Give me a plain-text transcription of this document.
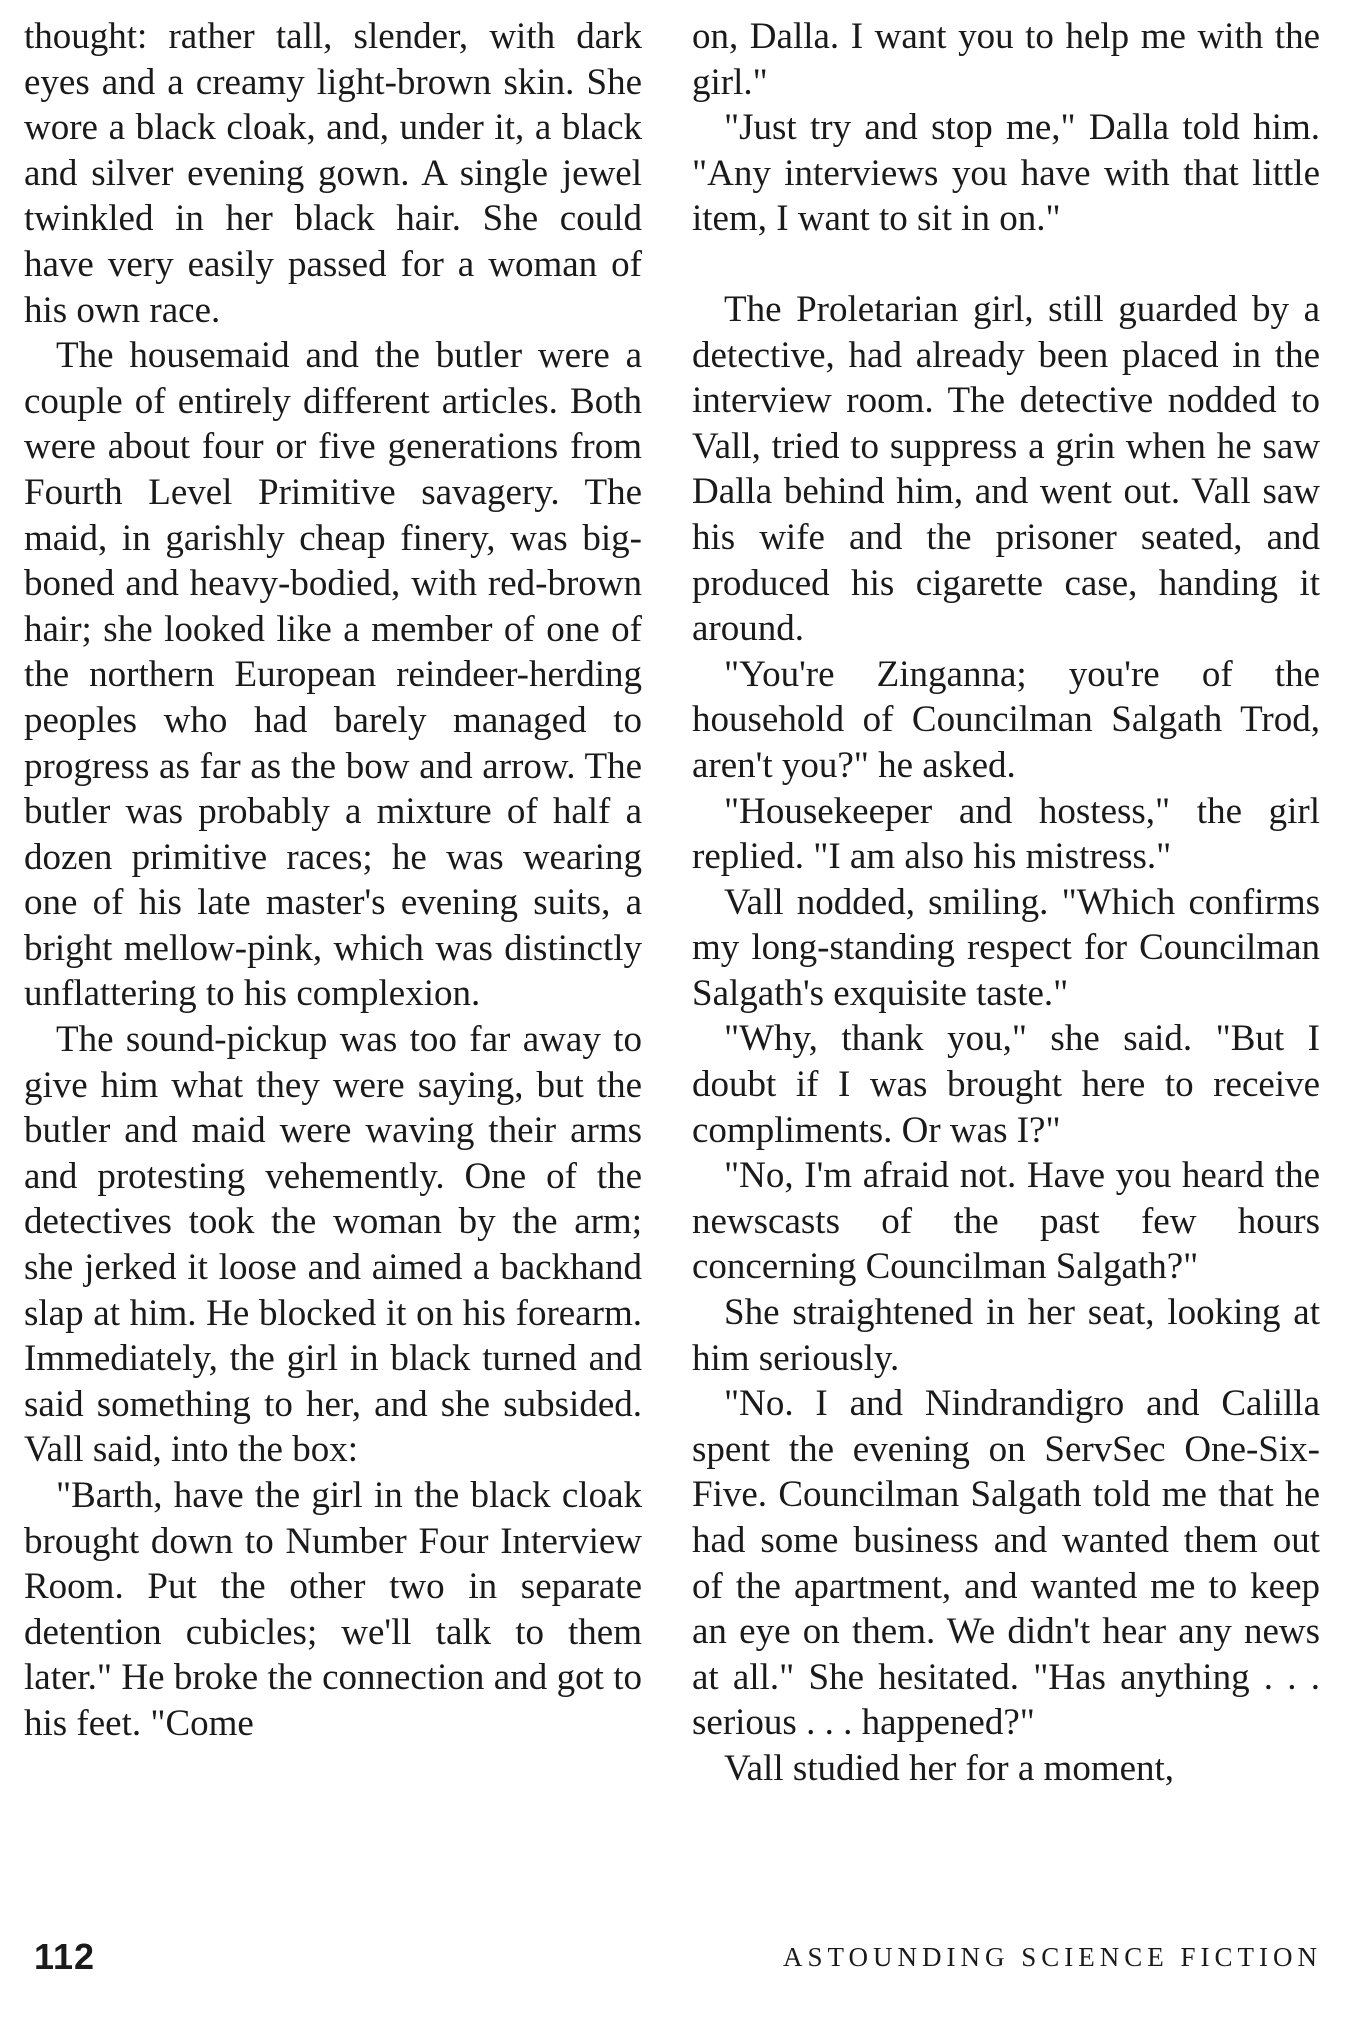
thought: rather tall, slender, with dark eyes and a creamy light-brown skin. She wore a black cloak, and, under it, a black and silver evening gown. A single jewel twinkled in her black hair. She could have very easily passed for a woman of his own race.

The housemaid and the butler were a couple of entirely different articles. Both were about four or five generations from Fourth Level Primitive savagery. The maid, in garishly cheap finery, was big-boned and heavy-bodied, with red-brown hair; she looked like a member of one of the northern European reindeer-herding peoples who had barely managed to progress as far as the bow and arrow. The butler was probably a mixture of half a dozen primitive races; he was wearing one of his late master's evening suits, a bright mellow-pink, which was distinctly unflattering to his complexion.

The sound-pickup was too far away to give him what they were saying, but the butler and maid were waving their arms and protesting vehemently. One of the detectives took the woman by the arm; she jerked it loose and aimed a backhand slap at him. He blocked it on his forearm. Immediately, the girl in black turned and said something to her, and she subsided. Vall said, into the box:

"Barth, have the girl in the black cloak brought down to Number Four Interview Room. Put the other two in separate detention cubicles; we'll talk to them later." He broke the connection and got to his feet. "Come

on, Dalla. I want you to help me with the girl."

"Just try and stop me," Dalla told him. "Any interviews you have with that little item, I want to sit in on."

The Proletarian girl, still guarded by a detective, had already been placed in the interview room. The detective nodded to Vall, tried to suppress a grin when he saw Dalla behind him, and went out. Vall saw his wife and the prisoner seated, and produced his cigarette case, handing it around.

"You're Zinganna; you're of the household of Councilman Salgath Trod, aren't you?" he asked.

"Housekeeper and hostess," the girl replied. "I am also his mistress."

Vall nodded, smiling. "Which confirms my long-standing respect for Councilman Salgath's exquisite taste."

"Why, thank you," she said. "But I doubt if I was brought here to receive compliments. Or was I?"

"No, I'm afraid not. Have you heard the newscasts of the past few hours concerning Councilman Salgath?"

She straightened in her seat, looking at him seriously.

"No. I and Nindrandigro and Calilla spent the evening on ServSec One-Six-Five. Councilman Salgath told me that he had some business and wanted them out of the apartment, and wanted me to keep an eye on them. We didn't hear any news at all." She hesitated. "Has anything . . . serious . . . happened?"

Vall studied her for a moment,

112	ASTOUNDING SCIENCE FICTION
